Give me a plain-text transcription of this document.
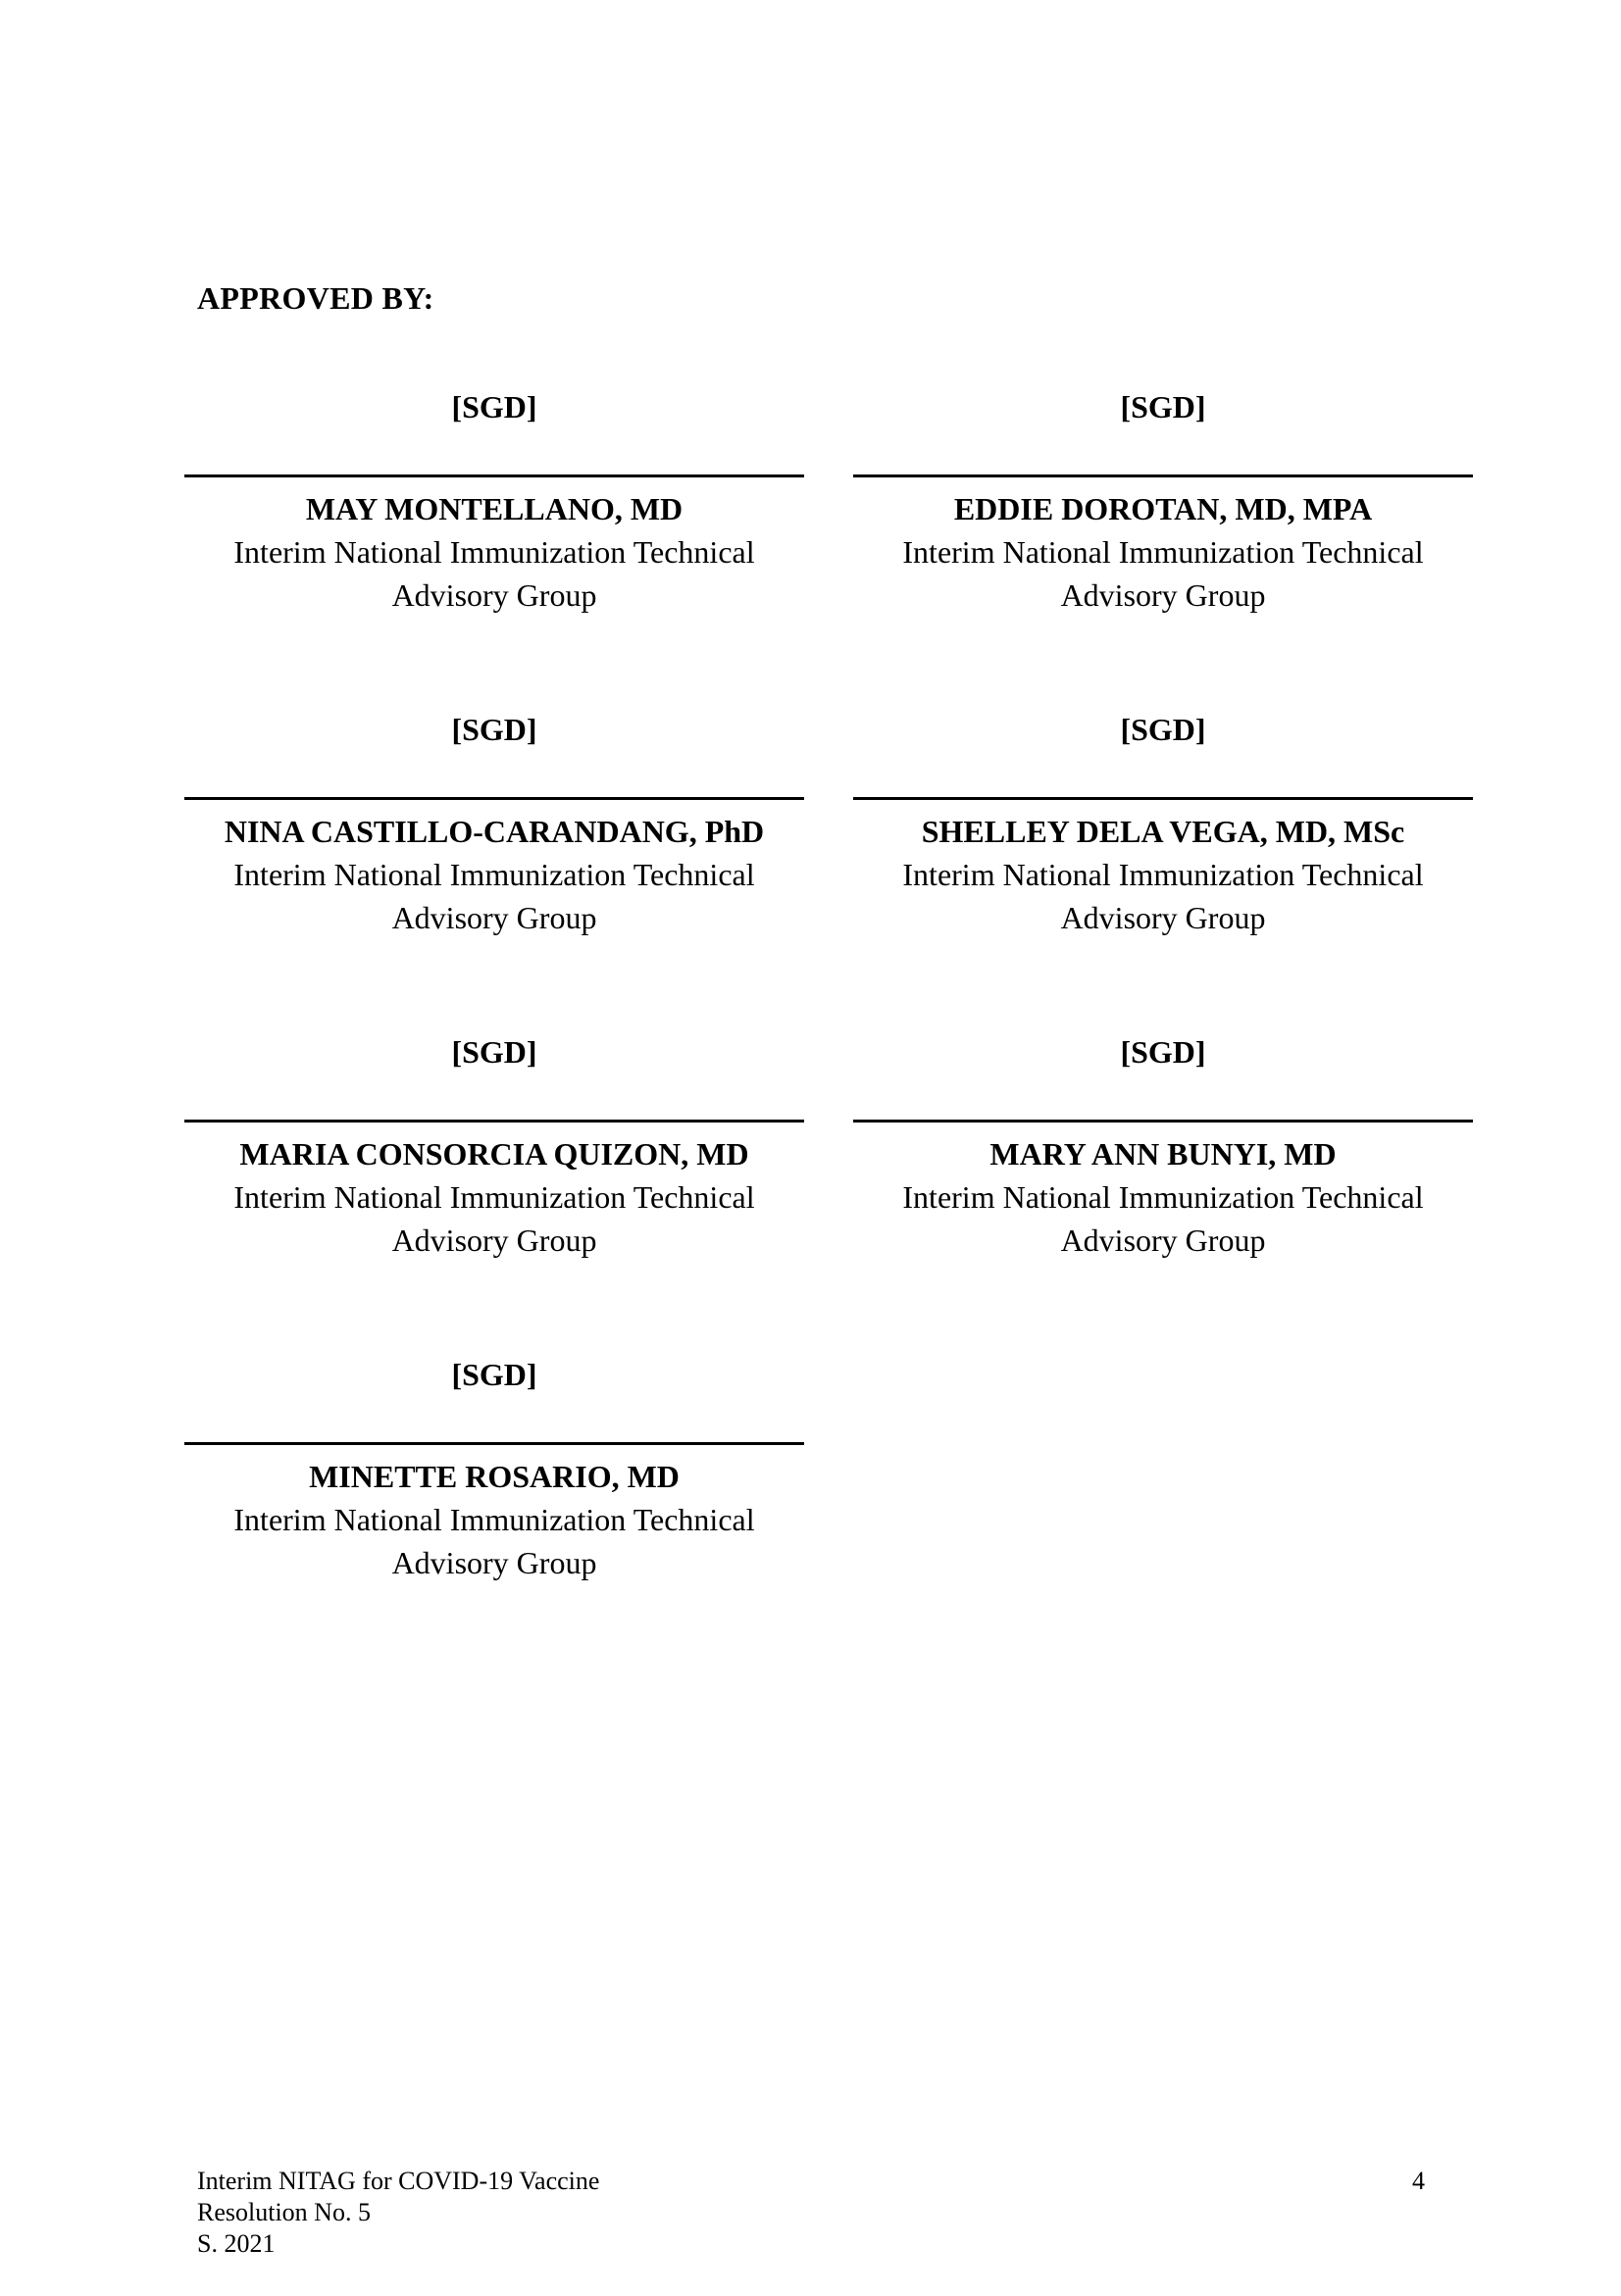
APPROVED BY:
[SGD]
MAY MONTELLANO, MD
Interim National Immunization Technical
Advisory Group
[SGD]
EDDIE DOROTAN, MD, MPA
Interim National Immunization Technical
Advisory Group
[SGD]
NINA CASTILLO-CARANDANG, PhD
Interim National Immunization Technical
Advisory Group
[SGD]
SHELLEY DELA VEGA, MD, MSc
Interim National Immunization Technical
Advisory Group
[SGD]
MARIA CONSORCIA QUIZON, MD
Interim National Immunization Technical
Advisory Group
[SGD]
MARY ANN BUNYI, MD
Interim National Immunization Technical
Advisory Group
[SGD]
MINETTE ROSARIO, MD
Interim National Immunization Technical
Advisory Group
Interim NITAG for COVID-19 Vaccine
Resolution No. 5
S. 2021
4
